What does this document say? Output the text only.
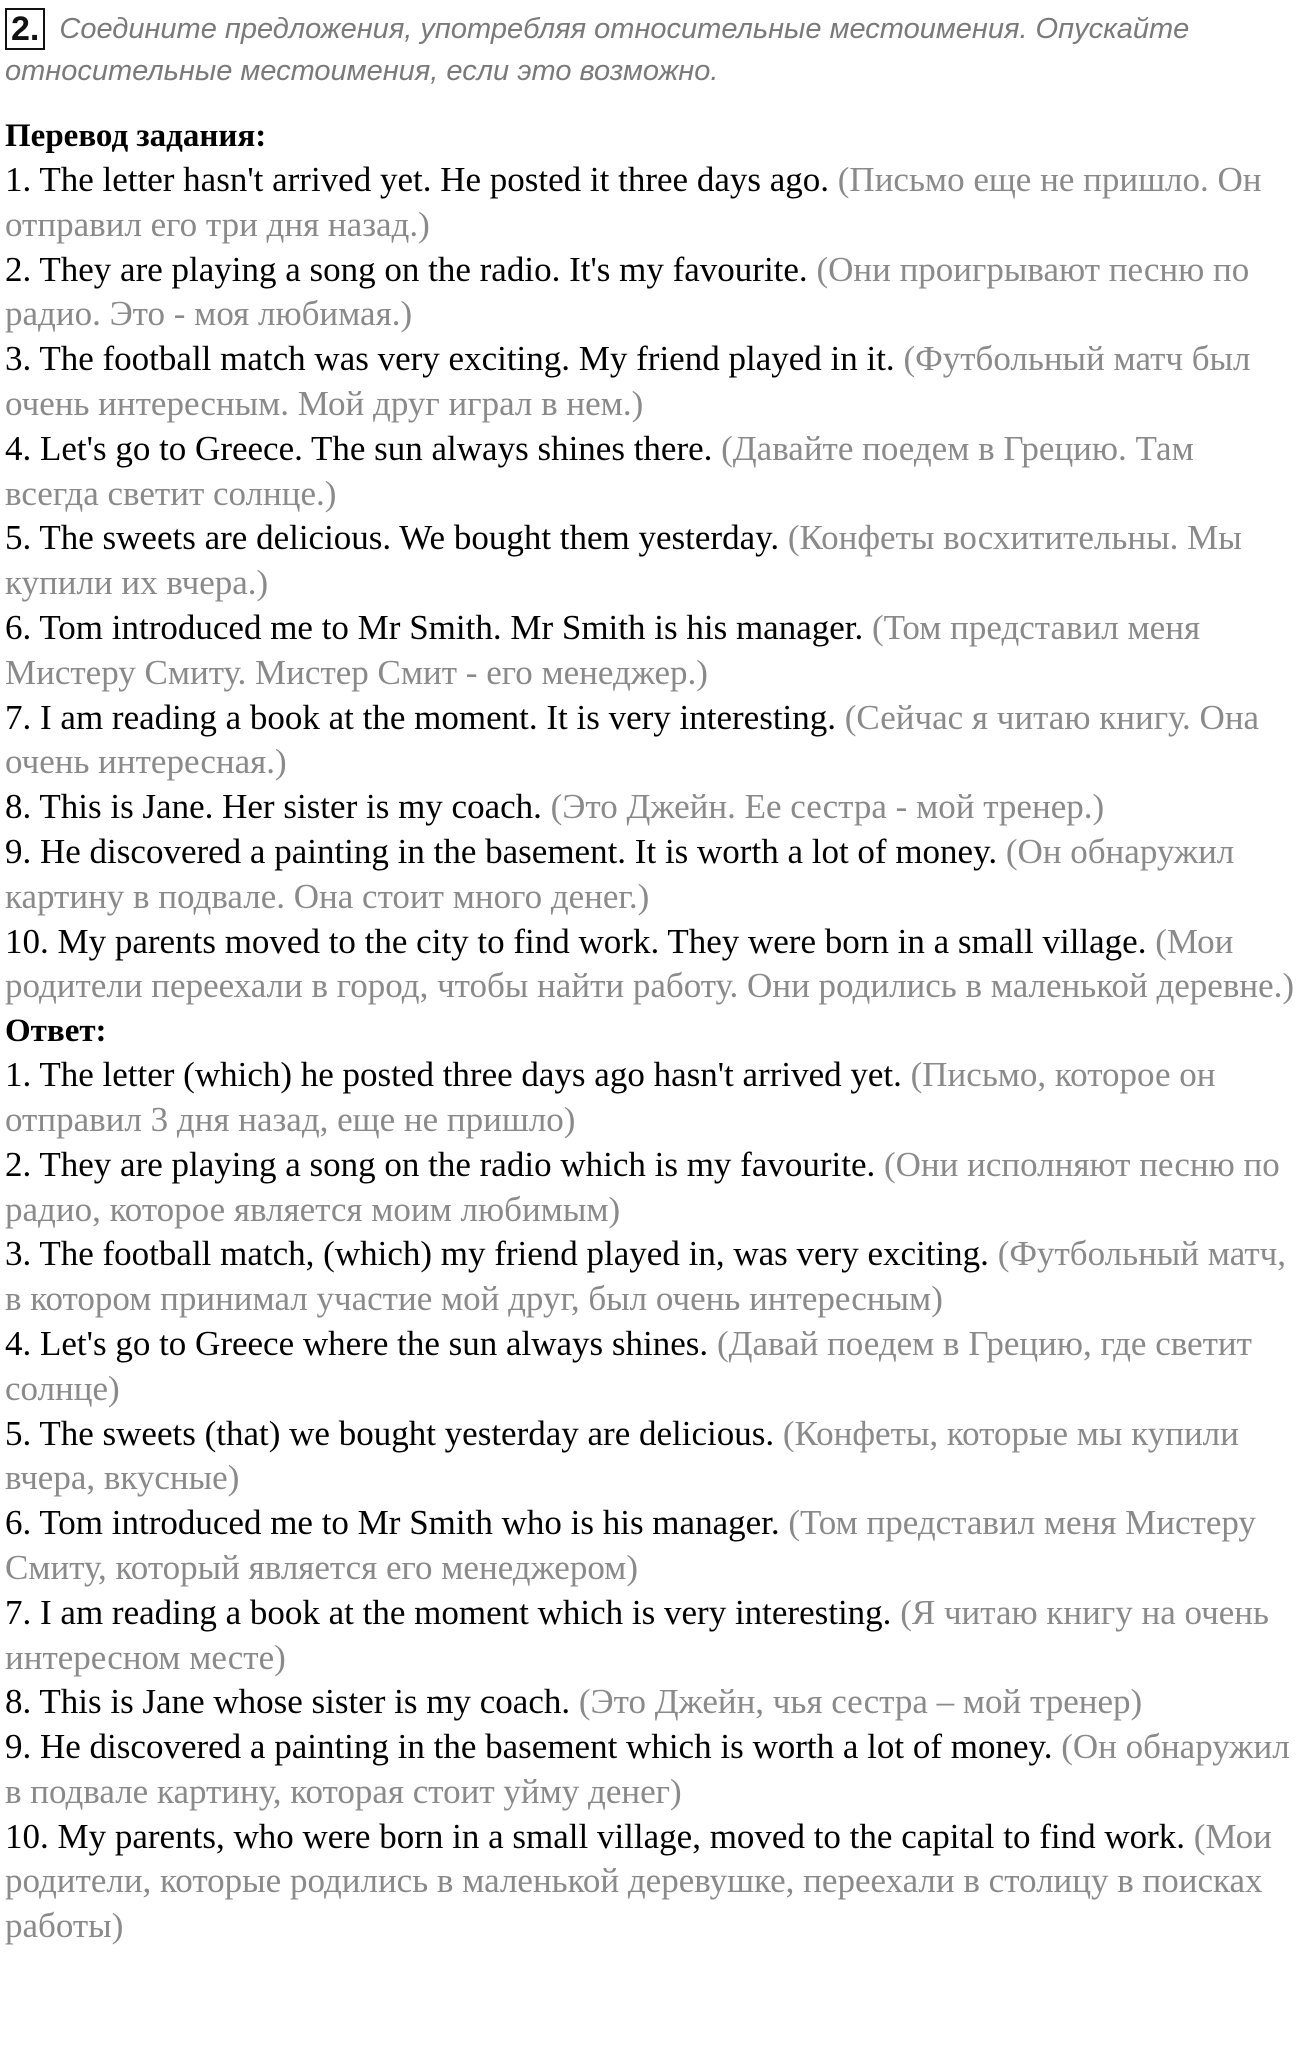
2. Соедините предложения, употребляя относительные местоимения. Опускайте относительные местоимения, если это возможно.
Перевод задания:
1. The letter hasn't arrived yet. He posted it three days ago. (Письмо еще не пришло. Он отправил его три дня назад.)
2. They are playing a song on the radio. It's my favourite. (Они проигрывают песню по радио. Это - моя любимая.)
3. The football match was very exciting. My friend played in it. (Футбольный матч был очень интересным. Мой друг играл в нем.)
4. Let's go to Greece. The sun always shines there. (Давайте поедем в Грецию. Там всегда светит солнце.)
5. The sweets are delicious. We bought them yesterday. (Конфеты восхитительны. Мы купили их вчера.)
6. Tom introduced me to Mr Smith. Mr Smith is his manager. (Том представил меня Мистеру Смиту. Мистер Смит - его менеджер.)
7. I am reading a book at the moment. It is very interesting. (Сейчас я читаю книгу. Она очень интересная.)
8. This is Jane. Her sister is my coach. (Это Джейн. Ее сестра - мой тренер.)
9. He discovered a painting in the basement. It is worth a lot of money. (Он обнаружил картину в подвале. Она стоит много денег.)
10. My parents moved to the city to find work. They were born in a small village. (Мои родители переехали в город, чтобы найти работу. Они родились в маленькой деревне.)
Ответ:
1. The letter (which) he posted three days ago hasn't arrived yet. (Письмо, которое он отправил 3 дня назад, еще не пришло)
2. They are playing a song on the radio which is my favourite. (Они исполняют песню по радио, которое является моим любимым)
3. The football match, (which) my friend played in, was very exciting. (Футбольный матч, в котором принимал участие мой друг, был очень интересным)
4. Let's go to Greece where the sun always shines. (Давай поедем в Грецию, где светит солнце)
5. The sweets (that) we bought yesterday are delicious. (Конфеты, которые мы купили вчера, вкусные)
6. Tom introduced me to Mr Smith who is his manager. (Том представил меня Мистеру Смиту, который является его менеджером)
7. I am reading a book at the moment which is very interesting. (Я читаю книгу на очень интересном месте)
8. This is Jane whose sister is my coach. (Это Джейн, чья сестра – мой тренер)
9. He discovered a painting in the basement which is worth a lot of money. (Он обнаружил в подвале картину, которая стоит уйму денег)
10. My parents, who were born in a small village, moved to the capital to find work. (Мои родители, которые родились в маленькой деревушке, переехали в столицу в поисках работы)
